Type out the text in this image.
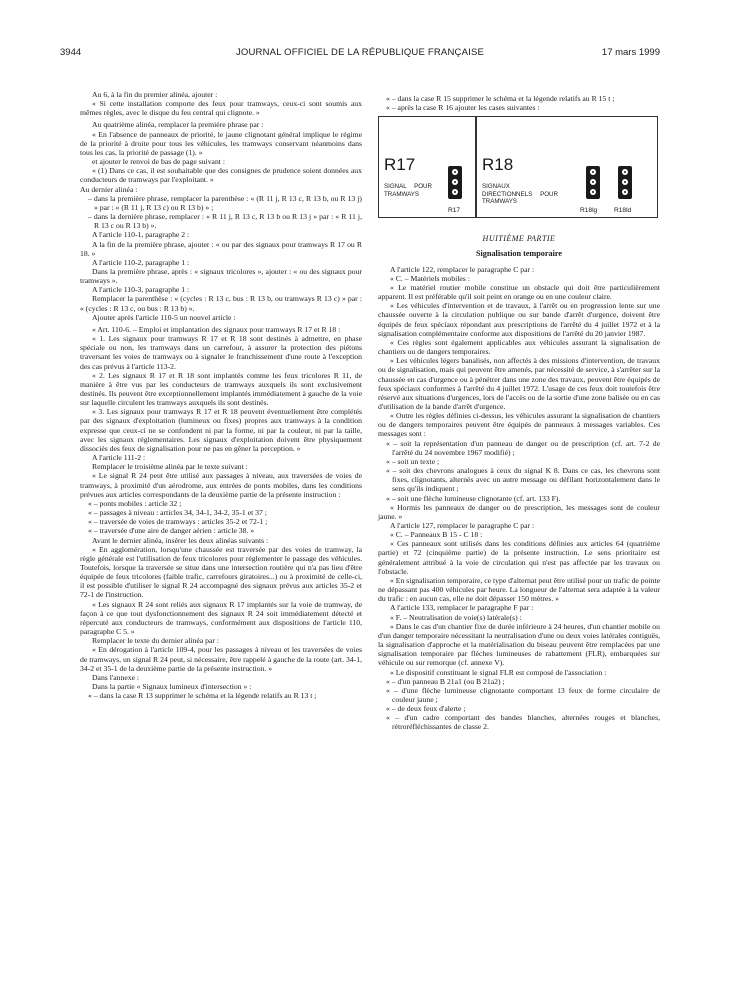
3944	JOURNAL OFFICIEL DE LA RÉPUBLIQUE FRANÇAISE	17 mars 1999

Au 6, à la fin du premier alinéa, ajouter :

« Si cette installation comporte des feux pour tramways, ceux-ci sont soumis aux mêmes règles, avec le disque du feu central qui clignote. »

Au quatrième alinéa, remplacer la première phrase par :

« En l'absence de panneaux de priorité, le jaune clignotant général implique le régime de la priorité à droite pour tous les véhicules, les tramways conservant néanmoins dans tous les cas, la priorité de passage (1). »

et ajouter le renvoi de bas de page suivant :

« (1) Dans ce cas, il est souhaitable que des consignes de prudence soient données aux conducteurs de tramways par l'exploitant. »

Au dernier alinéa :

– dans la première phrase, remplacer la parenthèse : « (R 11 j, R 13 c, R 13 b, ou R 13 j) » par : « (R 11 j, R 13 c) ou R 13 b) » ;

– dans la dernière phrase, remplacer : « R 11 j, R 13 c, R 13 b ou R 13 j » par : « R 11 j, R 13 c ou R 13 b) ».

A l'article 110-1, paragraphe 2 :

A la fin de la première phrase, ajouter : « ou par des signaux pour tramways R 17 ou R 18. »

A l'article 110-2, paragraphe 1 :

Dans la première phrase, après : « signaux tricolores », ajouter : « ou des signaux pour tramways ».

A l'article 110-3, paragraphe 1 :

Remplacer la parenthèse : « (cycles : R 13 c, bus : R 13 b, ou tramways R 13 c) » par : « (cycles : R 13 c, ou bus : R 13 b) ».

Ajouter après l'article 110-5 un nouvel article :

« Art. 110-6. – Emploi et implantation des signaux pour tramways R 17 et R 18 :

« 1. Les signaux pour tramways R 17 et R 18 sont destinés à admettre, en phase spéciale ou non, les tramways dans un carrefour, à assurer la protection des piétons traversant les voies de tramways ou à signaler le franchissement d'une route à l'exception des cas prévus à l'article 113-2.

« 2. Les signaux R 17 et R 18 sont implantés comme les feux tricolores R 11, de manière à être vus par les conducteurs de tramways auxquels ils sont exclusivement destinés. Ils peuvent être exceptionnellement implantés immédiatement à gauche de la voie sur laquelle circulent les tramways auxquels ils sont destinés.

« 3. Les signaux pour tramways R 17 et R 18 peuvent éventuellement être complétés par des signaux d'exploitation (lumineux ou fixes) propres aux tramways à la condition expresse que ceux-ci ne se confondent ni par la forme, ni par la couleur, ni par la taille, avec les signaux réglementaires. Les signaux d'exploitation doivent être physiquement dissociés des feux de signalisation pour ne pas en gêner la perception. »

A l'article 111-2 :

Remplacer le troisième alinéa par le texte suivant :

« Le signal R 24 peut être utilisé aux passages à niveau, aux traversées de voies de tramways, à proximité d'un aérodrome, aux entrées de ponts mobiles, dans les conditions prévues aux articles correspondants de la deuxième partie de la présente instruction :

« – ponts mobiles : article 32 ;

« – passages à niveau : articles 34, 34-1, 34-2, 35-1 et 37 ;

« – traversée de voies de tramways : articles 35-2 et 72-1 ;

« – traversée d'une aire de danger aérien : article 38. »

Avant le dernier alinéa, insérer les deux alinéas suivants :

« En agglomération, lorsqu'une chaussée est traversée par des voies de tramway, la règle générale est l'utilisation de feux tricolores pour réglementer le passage des véhicules. Toutefois, lorsque la traversée se situe dans une intersection routière qui n'a pas lieu d'être équipée de feux tricolores (faible trafic, carrefours giratoires...) ou à proximité de celle-ci, il est possible d'utiliser le signal R 24 accompagné des signaux prévus aux articles 35-2 et 72-1 de l'instruction.

« Les signaux R 24 sont reliés aux signaux R 17 implantés sur la voie de tramway, de façon à ce que tout dysfonctionnement des signaux R 24 soit immédiatement détecté et répercuté aux conducteurs de tramways, conformément aux dispositions de l'article 110, paragraphe C 5. »

Remplacer le texte du dernier alinéa par :

« En dérogation à l'article 109-4, pour les passages à niveau et les traversées de voies de tramways, un signal R 24 peut, si nécessaire, être rappelé à gauche de la route (art. 34-1, 34-2 et 35-1 de la deuxième partie de la présente instruction. »

Dans l'annexe :

Dans la partie « Signaux lumineux d'intersection » :

« – dans la case R 13 supprimer le schéma et la légende relatifs au R 13 t ;

« – dans la case R 15 supprimer le schéma et la légende relatifs au R 15 t ;

« – après la case R 16 ajouter les cases suivantes :

R17
SIGNAL POUR TRAMWAYS
R17
R18
SIGNAUX DIRECTIONNELS POUR TRAMWAYS
R18lg	R18ld
HUITIÈME PARTIE
Signalisation temporaire

A l'article 122, remplacer le paragraphe C par :

« C. – Matériels mobiles :

« Le matériel routier mobile constitue un obstacle qui doit être particulièrement apparent. Il est préférable qu'il soit peint en orange ou en une couleur claire.

« Les véhicules d'intervention et de travaux, à l'arrêt ou en progression lente sur une chaussée ouverte à la circulation publique ou sur bande d'arrêt d'urgence, doivent être équipés de feux spéciaux répondant aux prescriptions de l'arrêté du 4 juillet 1972 et à la signalisation complémentaire conforme aux dispositions de l'arrêté du 20 janvier 1987.

« Ces règles sont également applicables aux véhicules assurant la signalisation de chantiers ou de dangers temporaires.

« Les véhicules légers banalisés, non affectés à des missions d'intervention, de travaux ou de signalisation, mais qui peuvent être amenés, par nécessité de service, à s'arrêter sur la chaussée en cas d'urgence ou à pénétrer dans une zone des travaux, peuvent être équipés de feux spéciaux conformes à l'arrêté du 4 juillet 1972. L'usage de ces feux doit toutefois être réservé aux situations d'urgences, lors de l'accès ou de la sortie d'une zone balisée ou en cas d'utilisation de la bande d'arrêt d'urgence.

« Outre les règles définies ci-dessus, les véhicules assurant la signalisation de chantiers ou de dangers temporaires peuvent être équipés de panneaux à messages variables. Ces messages sont :

« – soit la représentation d'un panneau de danger ou de prescription (cf. art. 7-2 de l'arrêté du 24 novembre 1967 modifié) ;

« – soit un texte ;

« – soit des chevrons analogues à ceux du signal K 8. Dans ce cas, les chevrons sont fixes, clignotants, alternés avec un autre message ou défilant horizontalement dans le sens qu'ils indiquent ;

« – soit une flèche lumineuse clignotante (cf. art. 133 F).

« Hormis les panneaux de danger ou de prescription, les messages sont de couleur jaune. »

A l'article 127, remplacer le paragraphe C par :

« C. – Panneaux B 15 - C 18 :

« Ces panneaux sont utilisés dans les conditions définies aux articles 64 (quatrième partie) et 72 (cinquième partie) de la présente instruction. Le sens prioritaire est généralement attribué à la voie de circulation qui n'est pas affectée par les travaux ou l'obstacle.

« En signalisation temporaire, ce type d'alternat peut être utilisé pour un trafic de pointe ne dépassant pas 400 véhicules par heure. La longueur de l'alternat sera adaptée à la valeur du trafic : en aucun cas, elle ne doit dépasser 150 mètres. »

A l'article 133, remplacer le paragraphe F par :

« F. – Neutralisation de voie(s) latérale(s) :

« Dans le cas d'un chantier fixe de durée inférieure à 24 heures, d'un chantier mobile ou d'un danger temporaire nécessitant la neutralisation d'une ou deux voies latérales contiguës, la signalisation d'approche et la matérialisation du biseau peuvent être remplacées par une signalisation temporaire par flèches lumineuses de rabattement (FLR), embarquées sur véhicule ou sur remorque (cf. annexe V).

« Le dispositif constituant le signal FLR est composé de l'association :

« – d'un panneau B 21a1 (ou B 21a2) ;

« – d'une flèche lumineuse clignotante comportant 13 feux de forme circulaire de couleur jaune ;

« – de deux feux d'alerte ;

« – d'un cadre comportant des bandes blanches, alternées rouges et blanches, rétroréfléchissantes de classe 2.
